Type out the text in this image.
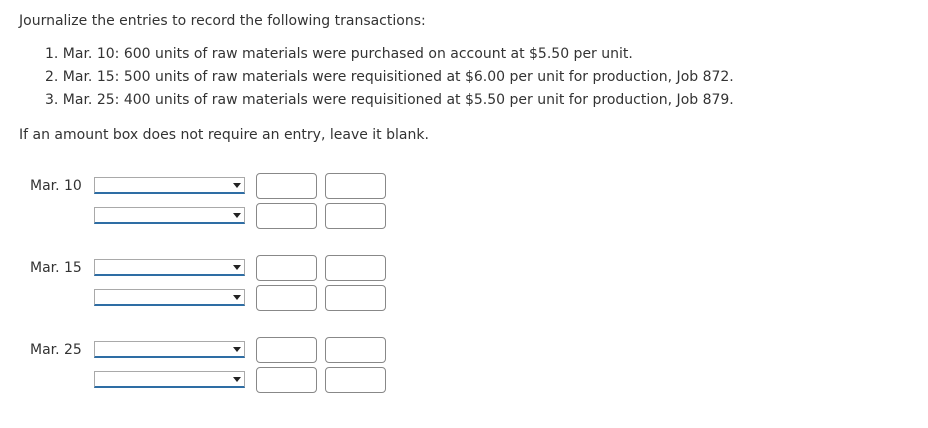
Journalize the entries to record the following transactions:
1. Mar. 10: 600 units of raw materials were purchased on account at $5.50 per unit.
2. Mar. 15: 500 units of raw materials were requisitioned at $6.00 per unit for production, Job 872.
3. Mar. 25: 400 units of raw materials were requisitioned at $5.50 per unit for production, Job 879.
If an amount box does not require an entry, leave it blank.
Mar. 10
Mar. 15
Mar. 25
